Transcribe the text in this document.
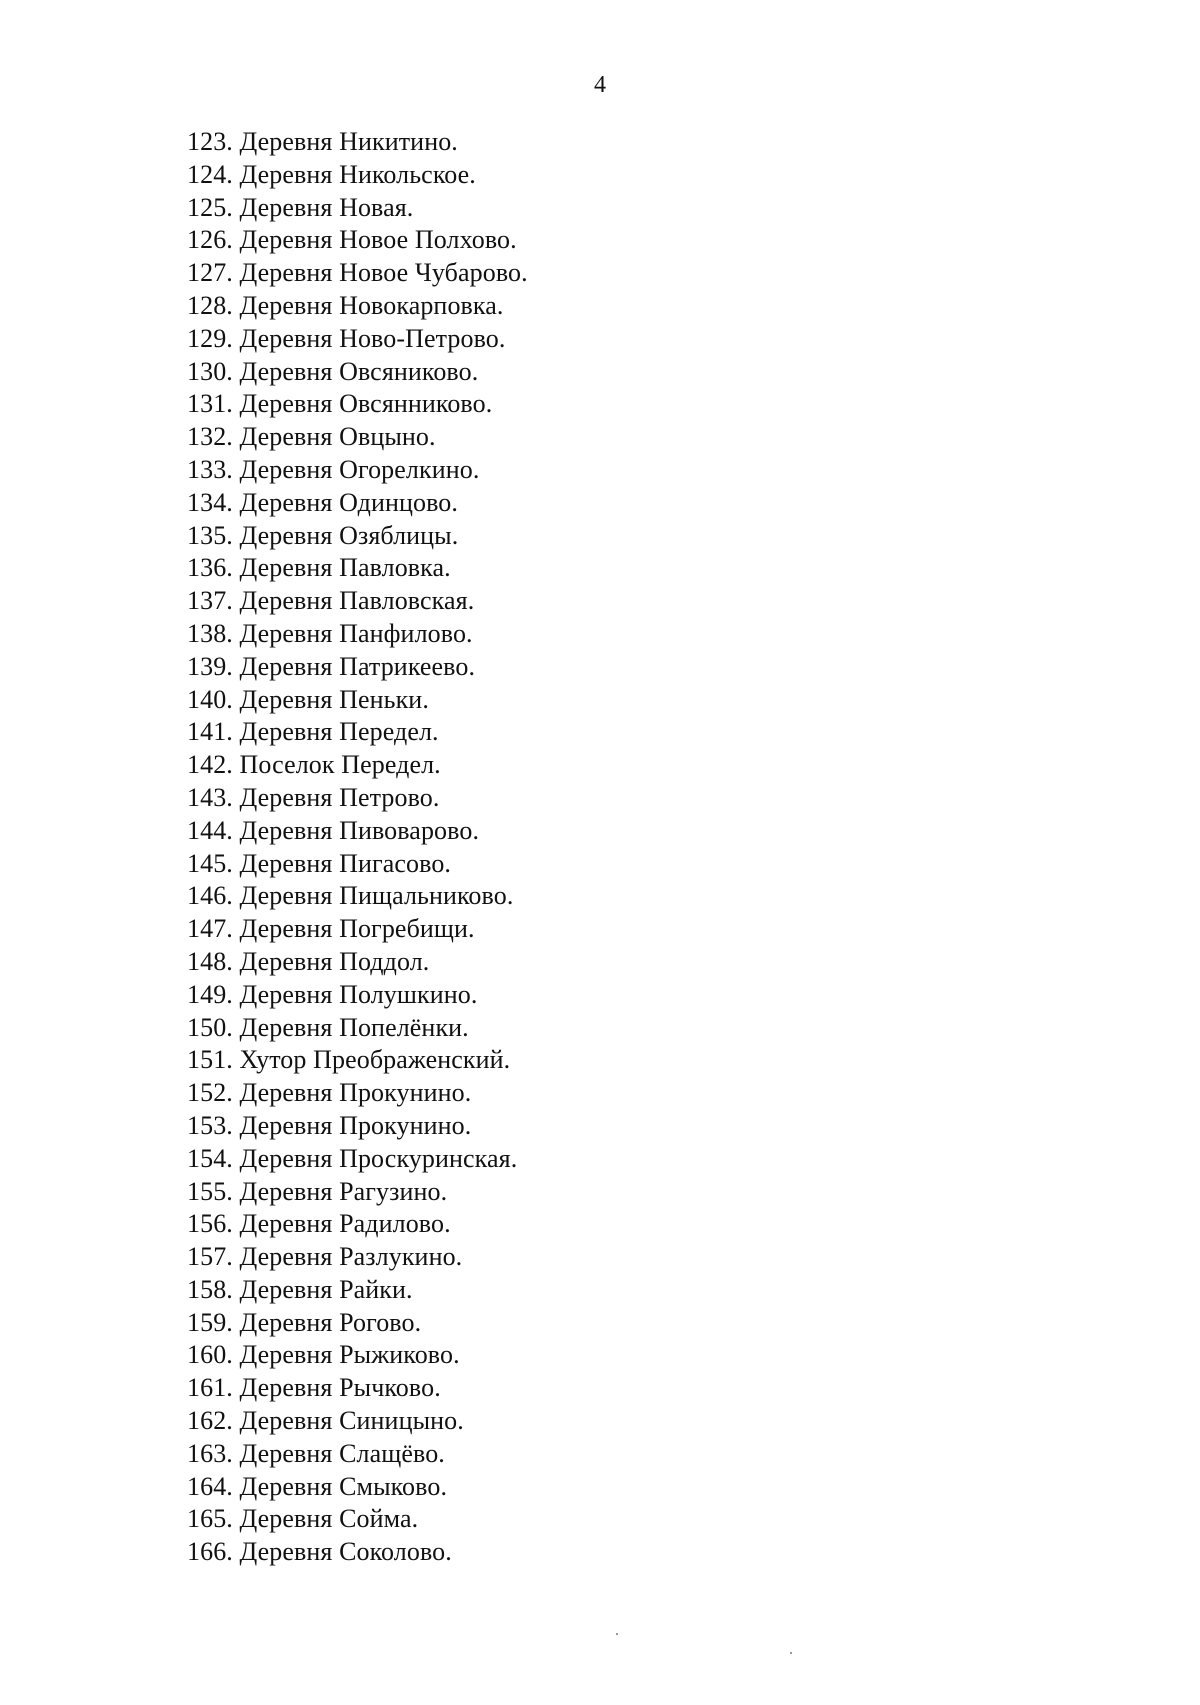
4
123. Деревня Никитино.
124. Деревня Никольское.
125. Деревня Новая.
126. Деревня Новое Полхово.
127. Деревня Новое Чубарово.
128. Деревня Новокарповка.
129. Деревня Ново-Петрово.
130. Деревня Овсяниково.
131. Деревня Овсянниково.
132. Деревня Овцыно.
133. Деревня Огорелкино.
134. Деревня Одинцово.
135. Деревня Озяблицы.
136. Деревня Павловка.
137. Деревня Павловская.
138. Деревня Панфилово.
139. Деревня Патрикеево.
140. Деревня Пеньки.
141. Деревня Передел.
142. Поселок Передел.
143. Деревня Петрово.
144. Деревня Пивоварово.
145. Деревня Пигасово.
146. Деревня Пищальниково.
147. Деревня Погребищи.
148. Деревня Поддол.
149. Деревня Полушкино.
150. Деревня Попелёнки.
151. Хутор Преображенский.
152. Деревня Прокунино.
153. Деревня Прокунино.
154. Деревня Проскуринская.
155. Деревня Рагузино.
156. Деревня Радилово.
157. Деревня Разлукино.
158. Деревня Райки.
159. Деревня Рогово.
160. Деревня Рыжиково.
161. Деревня Рычково.
162. Деревня Синицыно.
163. Деревня Слащёво.
164. Деревня Смыково.
165. Деревня Сойма.
166. Деревня Соколово.
